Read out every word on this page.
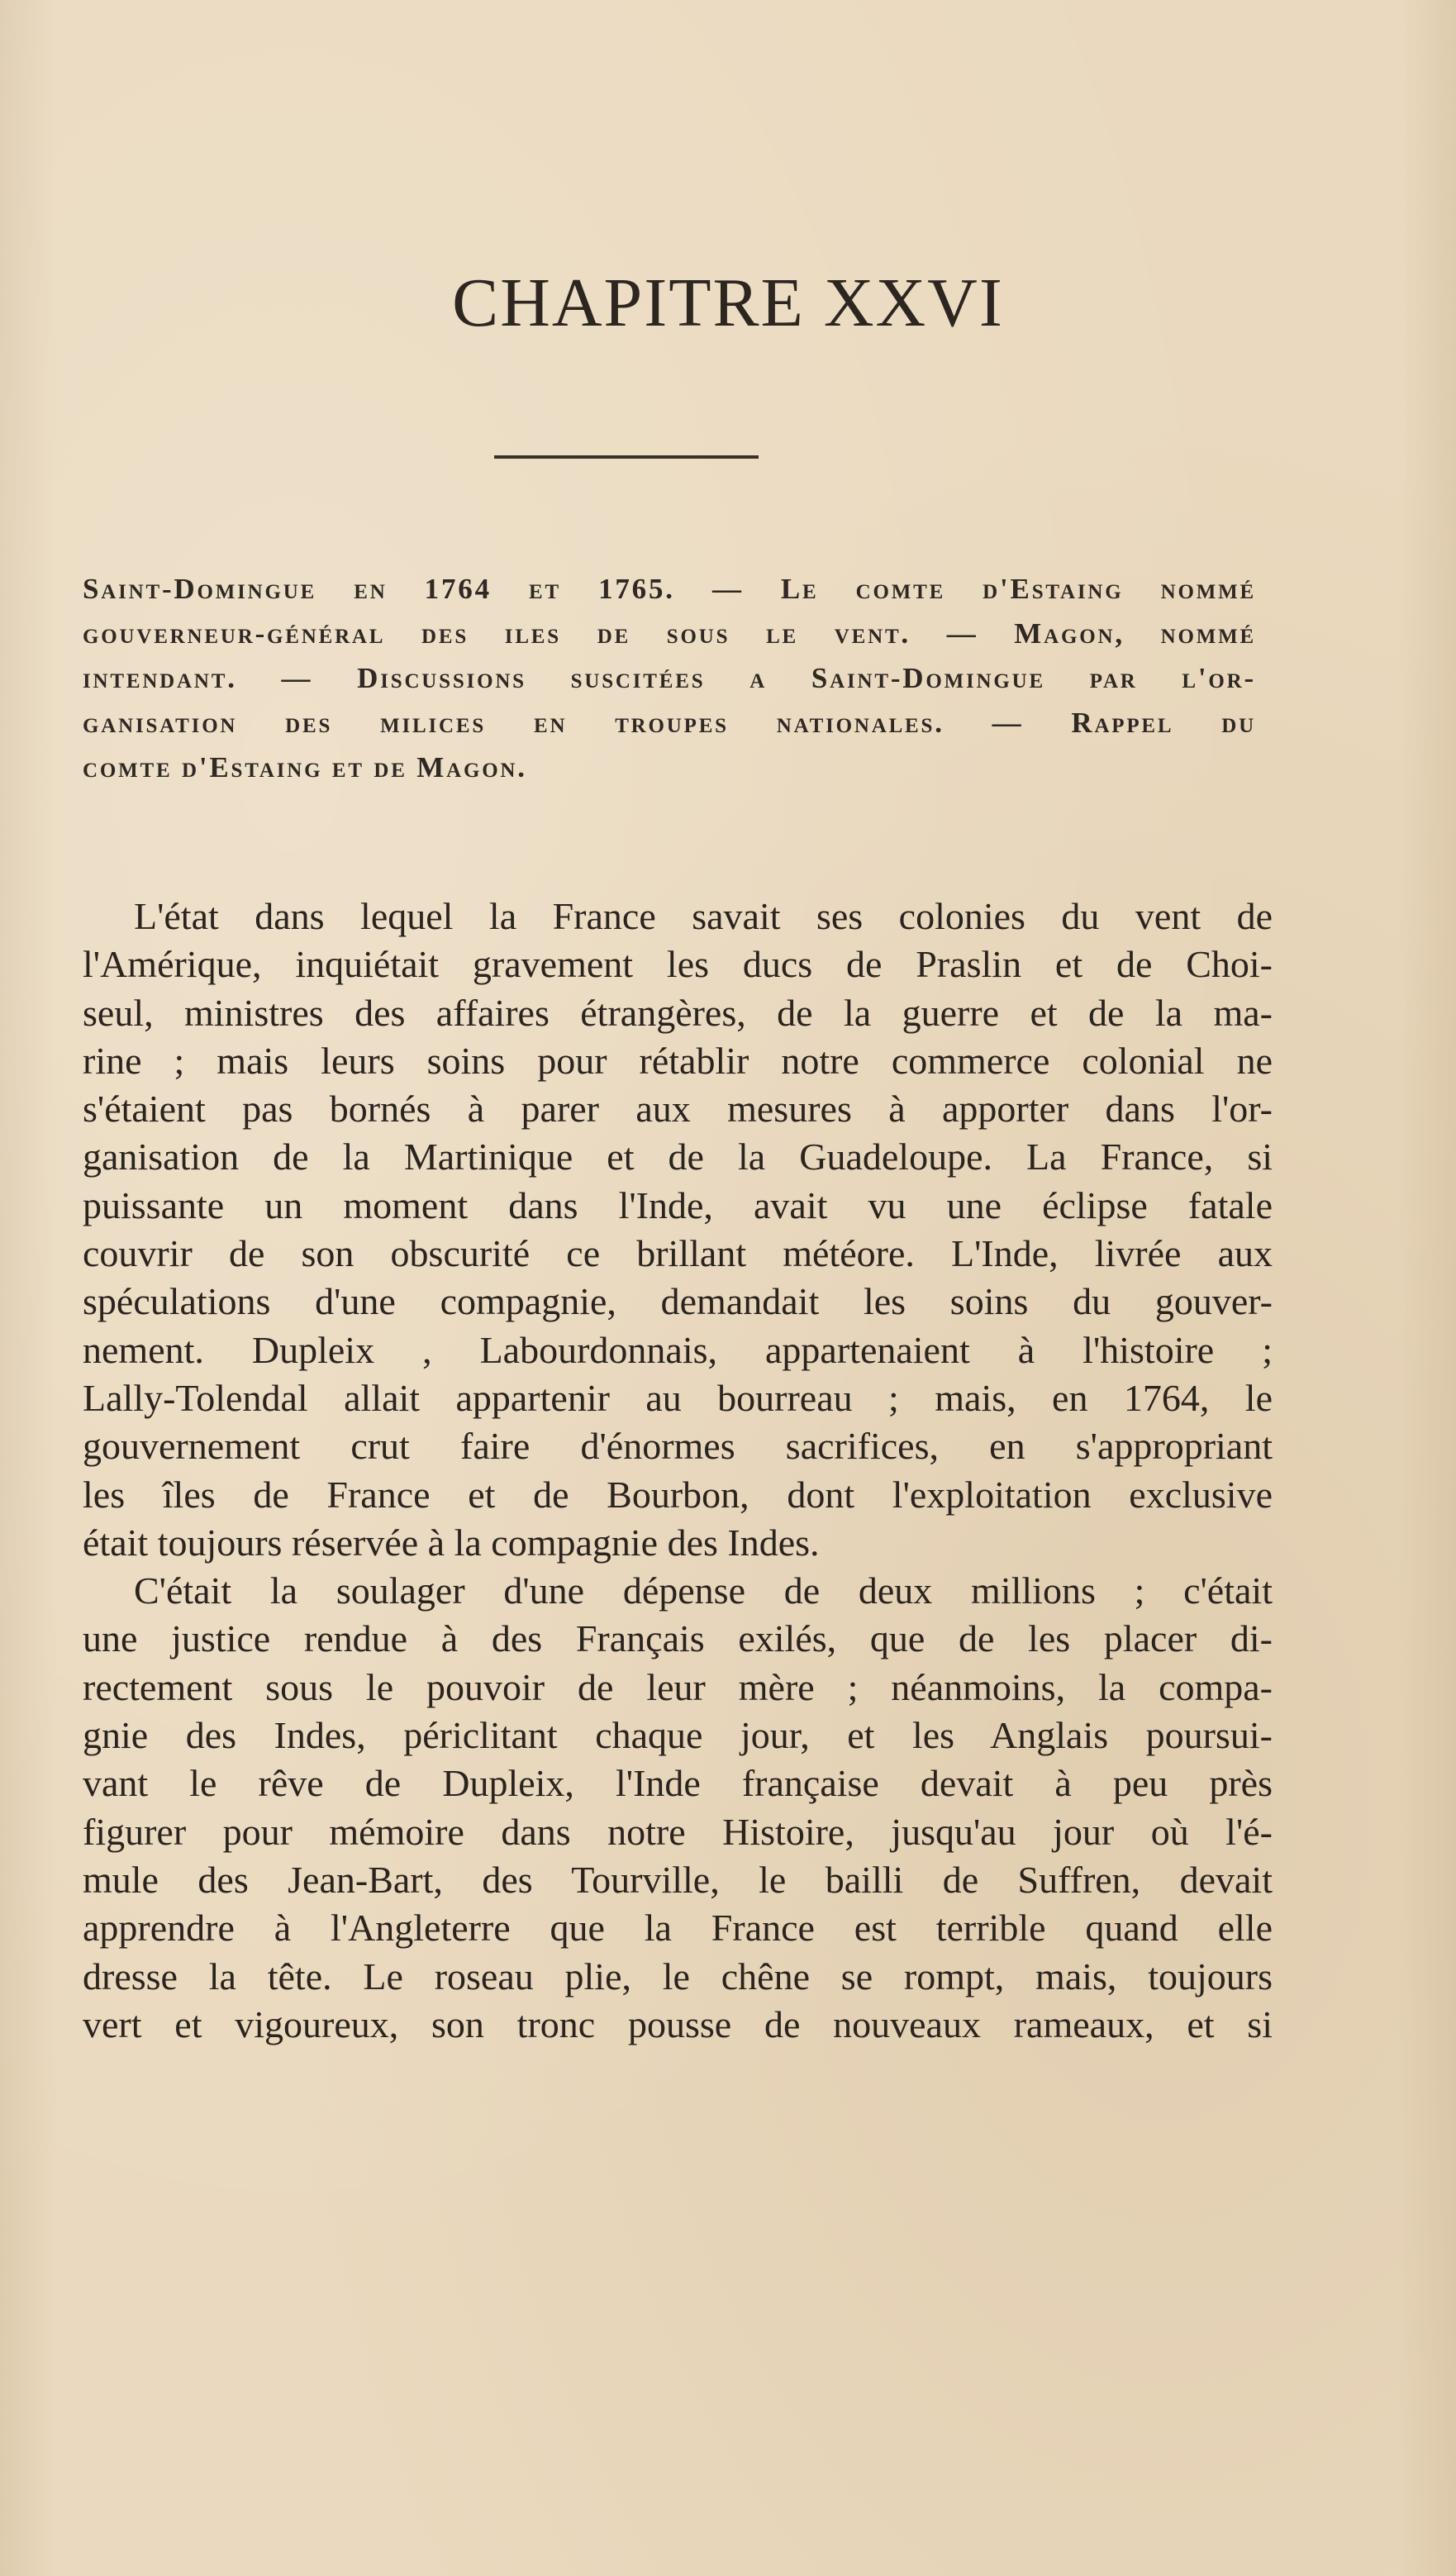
CHAPITRE XXVI
Saint-Domingue en 1764 et 1765. — Le comte d'Estaing nommé
gouverneur-général des iles de sous le vent. — Magon, nommé
intendant. — Discussions suscitées a Saint-Domingue par l'or-
ganisation des milices en troupes nationales. — Rappel du
comte d'Estaing et de Magon.
L'état dans lequel la France savait ses colonies du vent de
l'Amérique, inquiétait gravement les ducs de Praslin et de Choi-
seul, ministres des affaires étrangères, de la guerre et de la ma-
rine ; mais leurs soins pour rétablir notre commerce colonial ne
s'étaient pas bornés à parer aux mesures à apporter dans l'or-
ganisation de la Martinique et de la Guadeloupe. La France, si
puissante un moment dans l'Inde, avait vu une éclipse fatale
couvrir de son obscurité ce brillant météore. L'Inde, livrée aux
spéculations d'une compagnie, demandait les soins du gouver-
nement. Dupleix , Labourdonnais, appartenaient à l'histoire ;
Lally-Tolendal allait appartenir au bourreau ; mais, en 1764, le
gouvernement crut faire d'énormes sacrifices, en s'appropriant
les îles de France et de Bourbon, dont l'exploitation exclusive
était toujours réservée à la compagnie des Indes.
C'était la soulager d'une dépense de deux millions ; c'était
une justice rendue à des Français exilés, que de les placer di-
rectement sous le pouvoir de leur mère ; néanmoins, la compa-
gnie des Indes, périclitant chaque jour, et les Anglais poursui-
vant le rêve de Dupleix, l'Inde française devait à peu près
figurer pour mémoire dans notre Histoire, jusqu'au jour où l'é-
mule des Jean-Bart, des Tourville, le bailli de Suffren, devait
apprendre à l'Angleterre que la France est terrible quand elle
dresse la tête. Le roseau plie, le chêne se rompt, mais, toujours
vert et vigoureux, son tronc pousse de nouveaux rameaux, et si
